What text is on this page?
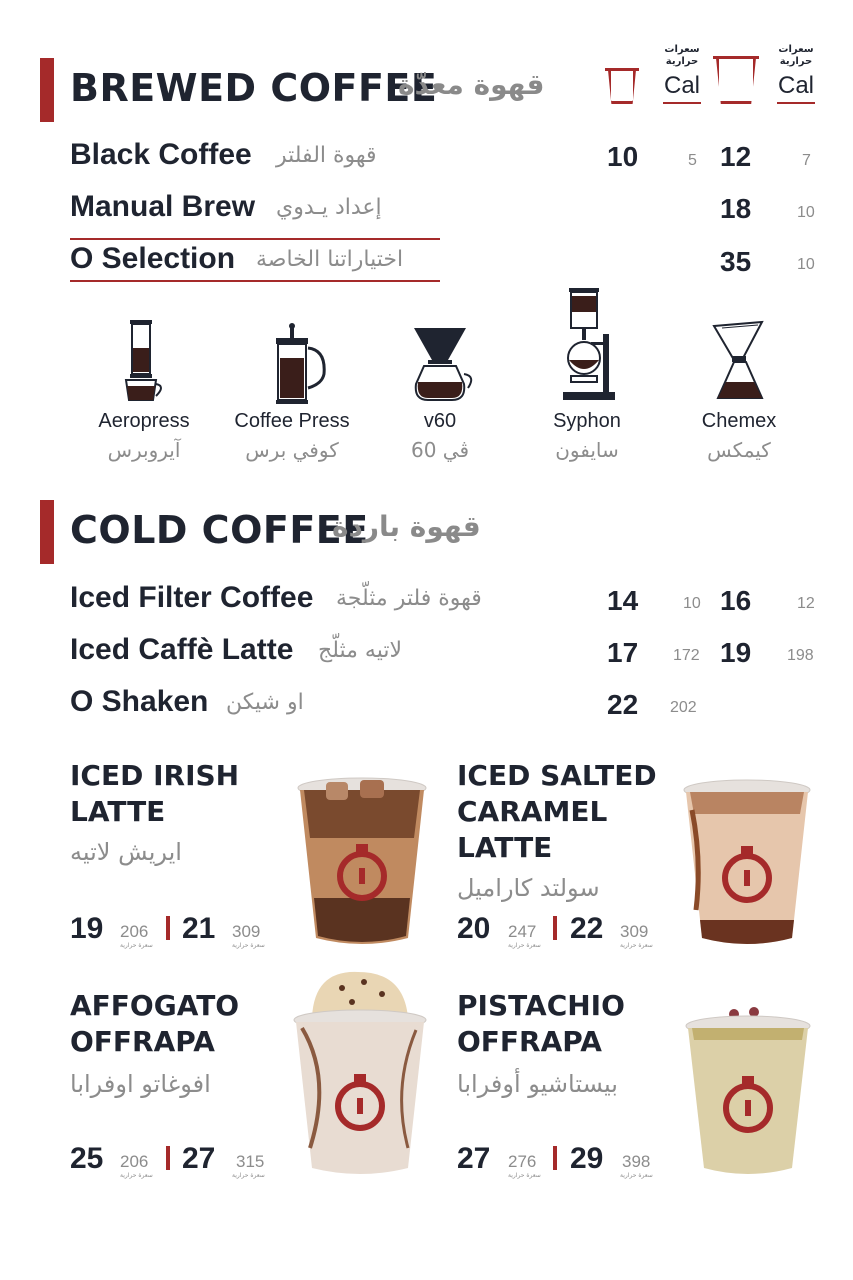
BREWED COFFEE
قهوة معدّة
سعرات حرارية
Cal
سعرات حرارية
Cal
Black Coffee قهوة الفلتر	10	5 12	7
Manual Brew إعداد يـدوي	18	10
O Selection اختياراتنا الخاصة	35	10
Aeropress
آيروبرس
Coffee Press
كوفي برس
v60
ڤي 60
Syphon
سايفون
Chemex
كيمكس
COLD COFFEE
قهوة باردة
Iced Filter Coffee قهوة فلتر مثلّجة	14	10 16	12
Iced Caffè Latte لاتيه مثلّج	17 172 19 198
O Shaken او شيكن	22 202
ICED IRISH
LATTE
ايريش لاتيه
19 206
سعرة حرارية
21 309
سعرة حرارية
ICED SALTED
CARAMEL
LATTE
سولتد كاراميل
20 247
سعرة حرارية
22 309
سعرة حرارية
AFFOGATO
OFFRAPA
افوغاتو اوفرابا
25 206
سعرة حرارية
27 315
سعرة حرارية
PISTACHIO
OFFRAPA
بيستاشيو أوفرابا
27 276
سعرة حرارية
29 398
سعرة حرارية
